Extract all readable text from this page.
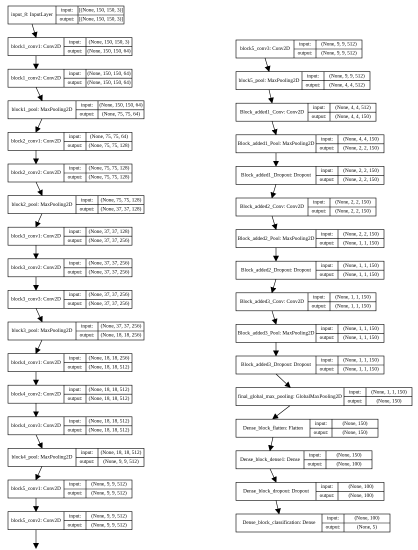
input_8: InputLayer
input:
output:
[(None, 150, 150, 3)]
[(None, 150, 150, 3)]
block1_conv1: Conv2D
input:
output:
(None, 150, 150, 3)
(None, 150, 150, 64)
block1_conv2: Conv2D
input:
output:
(None, 150, 150, 64)
(None, 150, 150, 64)
block1_pool: MaxPooling2D
input:
output:
(None, 150, 150, 64)
(None, 75, 75, 64)
block2_conv1: Conv2D
input:
output:
(None, 75, 75, 64)
(None, 75, 75, 128)
block2_conv2: Conv2D
input:
output:
(None, 75, 75, 128)
(None, 75, 75, 128)
block2_pool: MaxPooling2D
input:
output:
(None, 75, 75, 128)
(None, 37, 37, 128)
block3_conv1: Conv2D
input:
output:
(None, 37, 37, 128)
(None, 37, 37, 256)
block3_conv2: Conv2D
input:
output:
(None, 37, 37, 256)
(None, 37, 37, 256)
block3_conv3: Conv2D
input:
output:
(None, 37, 37, 256)
(None, 37, 37, 256)
block3_pool: MaxPooling2D
input:
output:
(None, 37, 37, 256)
(None, 18, 18, 256)
block4_conv1: Conv2D
input:
output:
(None, 18, 18, 256)
(None, 18, 18, 512)
block4_conv2: Conv2D
input:
output:
(None, 18, 18, 512)
(None, 18, 18, 512)
block4_conv3: Conv2D
input:
output:
(None, 18, 18, 512)
(None, 18, 18, 512)
block4_pool: MaxPooling2D
input:
output:
(None, 18, 18, 512)
(None, 9, 9, 512)
block5_conv1: Conv2D
input:
output:
(None, 9, 9, 512)
(None, 9, 9, 512)
block5_conv2: Conv2D
input:
output:
(None, 9, 9, 512)
(None, 9, 9, 512)
block5_conv3: Conv2D
input:
output:
(None, 9, 9, 512)
(None, 9, 9, 512)
block5_pool: MaxPooling2D
input:
output:
(None, 9, 9, 512)
(None, 4, 4, 512)
Block_added1_Conv: Conv2D
input:
output:
(None, 4, 4, 512)
(None, 4, 4, 150)
Block_added1_Pool: MaxPooling2D
input:
output:
(None, 4, 4, 150)
(None, 2, 2, 150)
Block_added1_Dropout: Dropout
input:
output:
(None, 2, 2, 150)
(None, 2, 2, 150)
Block_added2_Conv: Conv2D
input:
output:
(None, 2, 2, 150)
(None, 2, 2, 150)
Block_added2_Pool: MaxPooling2D
input:
output:
(None, 2, 2, 150)
(None, 1, 1, 150)
Block_added2_Dropout: Dropout
input:
output:
(None, 1, 1, 150)
(None, 1, 1, 150)
Block_added3_Conv: Conv2D
input:
output:
(None, 1, 1, 150)
(None, 1, 1, 150)
Block_added3_Pool: MaxPooling2D
input:
output:
(None, 1, 1, 150)
(None, 1, 1, 150)
Block_added3_Dropout: Dropout
input:
output:
(None, 1, 1, 150)
(None, 1, 1, 150)
final_global_max_pooling: GlobalMaxPooling2D
input:
output:
(None, 1, 1, 150)
(None, 150)
Dense_block_flatten: Flatten
input:
output:
(None, 150)
(None, 150)
Dense_block_dense1: Dense
input:
output:
(None, 150)
(None, 100)
Dense_block_dropout: Dropout
input:
output:
(None, 100)
(None, 100)
Dense_block_classification: Dense
input:
output:
(None, 100)
(None, 5)
